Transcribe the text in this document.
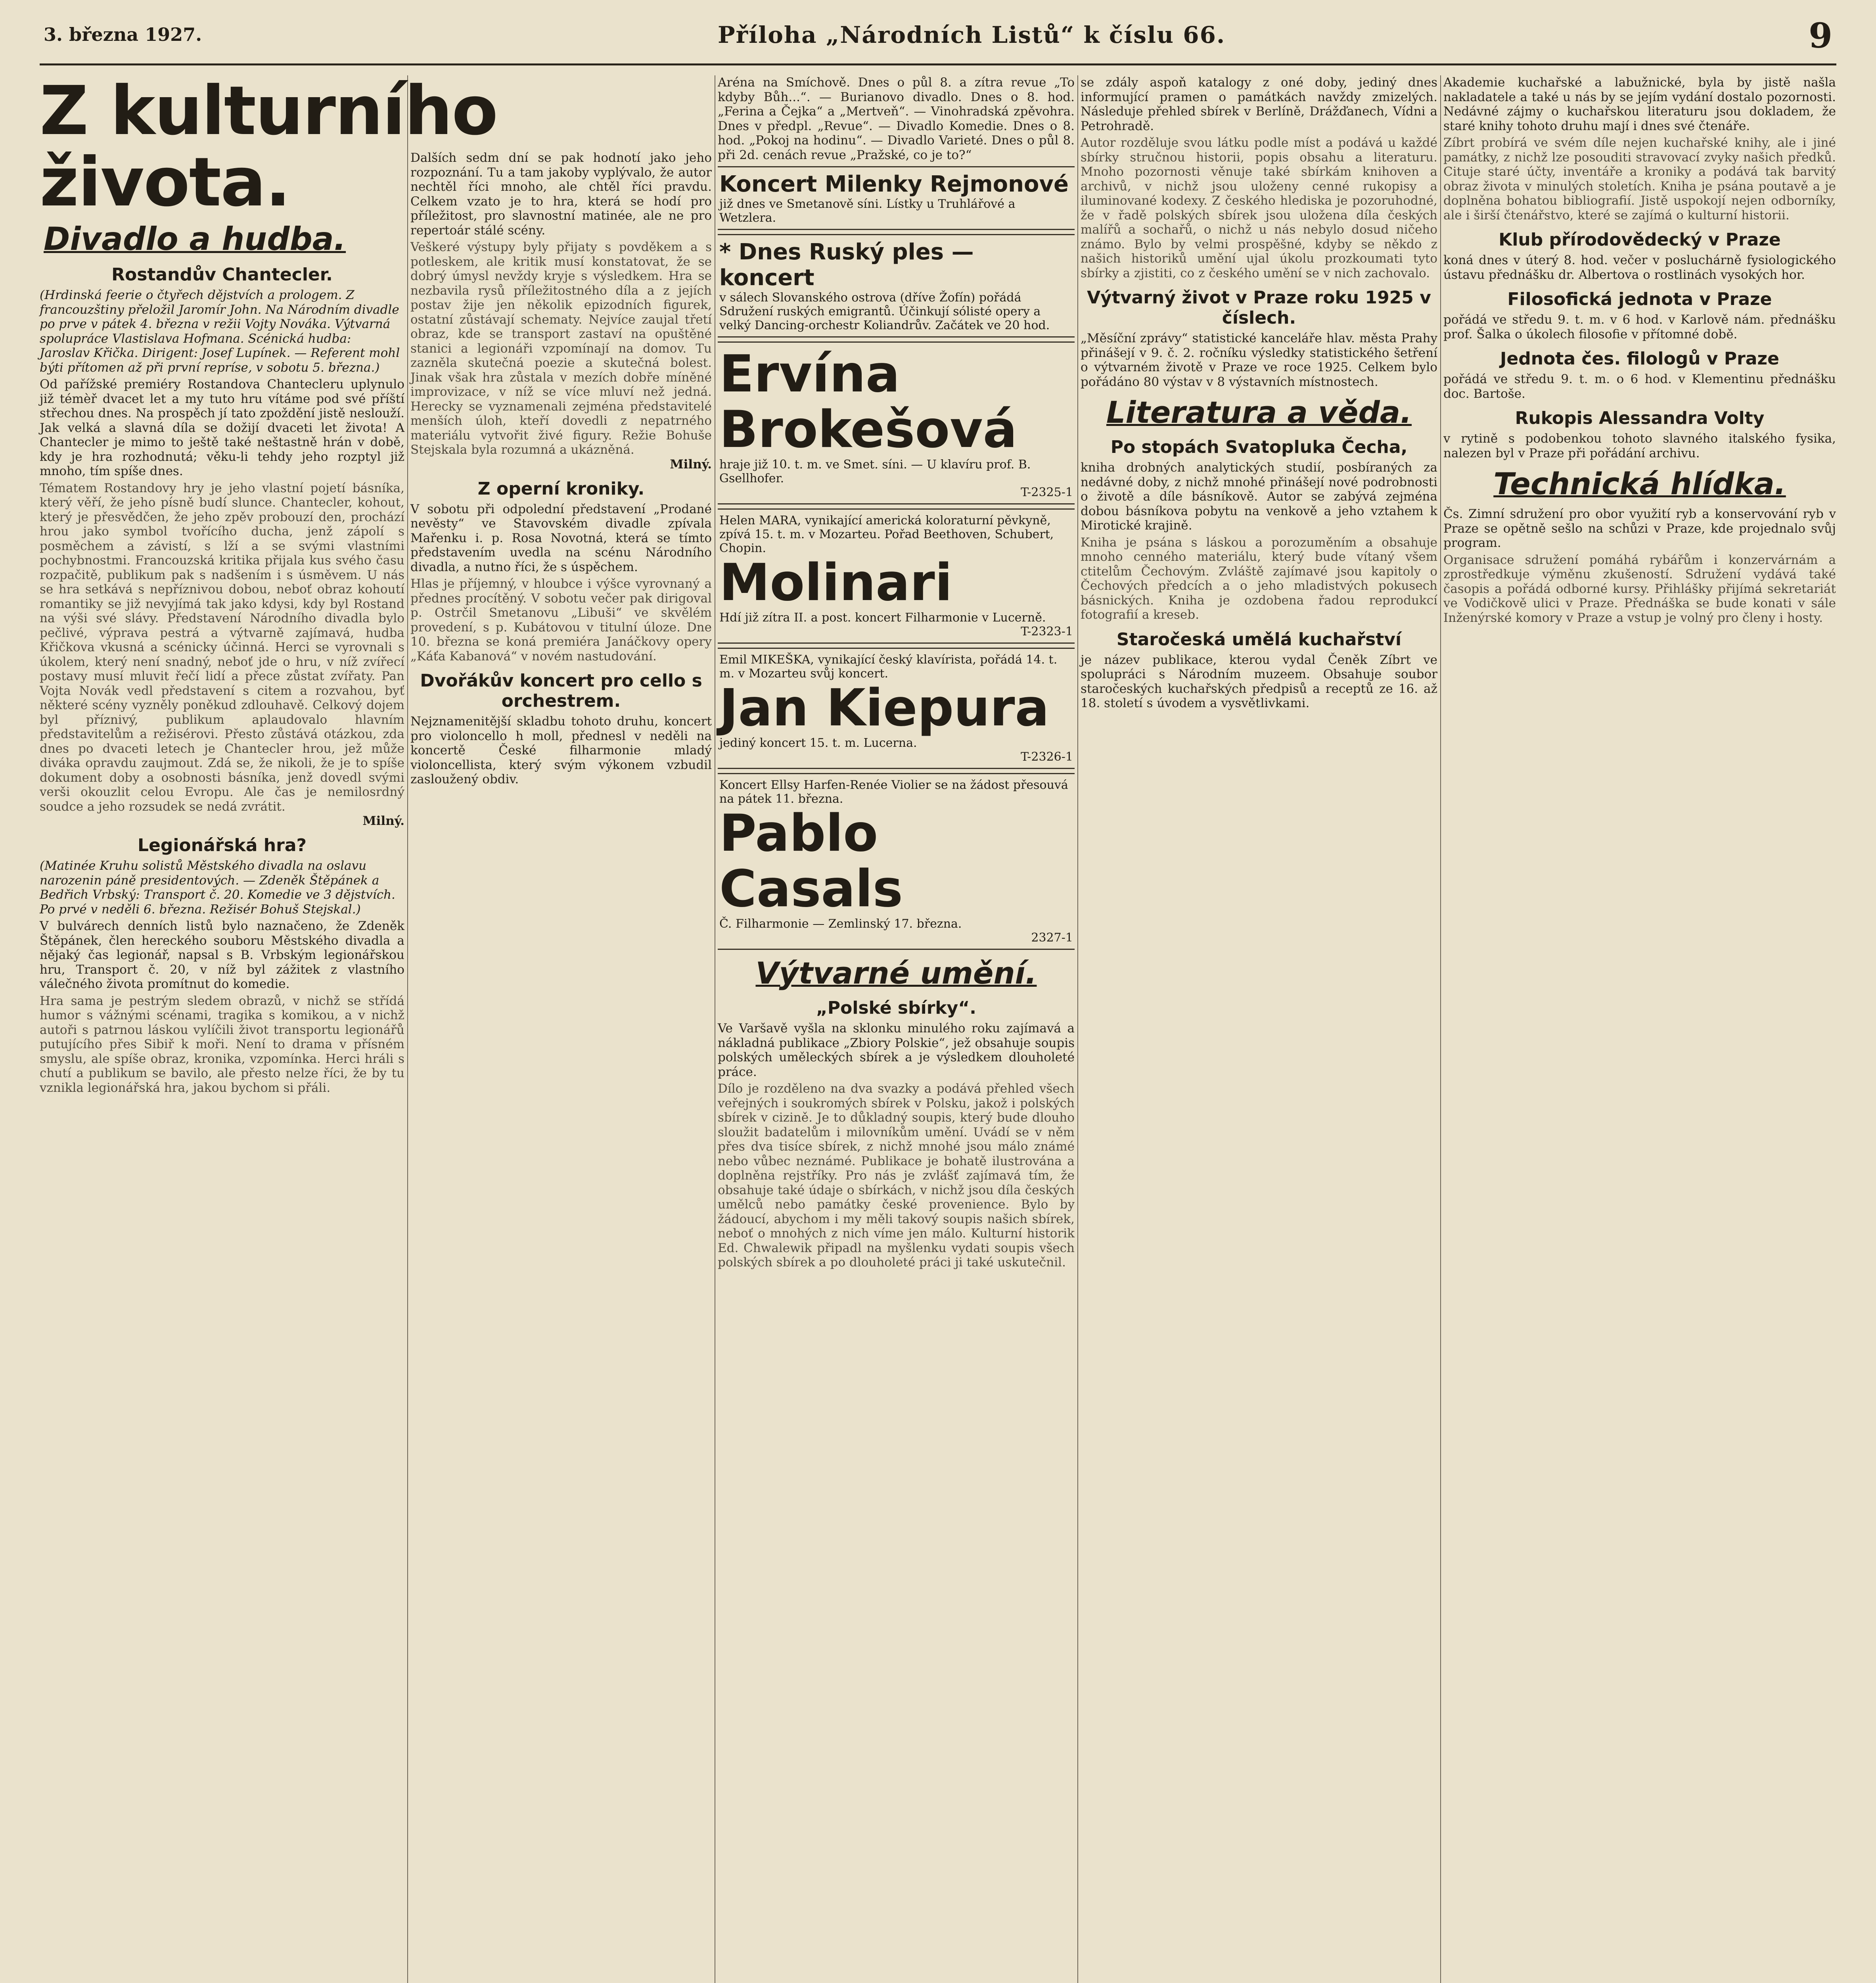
3. března 1927.	Příloha „Národních Listů“ k číslu 66.	9
Z kulturního života.
Divadlo a hudba.
Rostandův Chantecler.

(Hrdinská feerie o čtyřech dějstvích a prologem. Z francouzštiny přeložil Jaromír John. Na Národním divadle po prve v pátek 4. března v režii Vojty Nováka. Výtvarná spolupráce Vlastislava Hofmana. Scénická hudba: Jaroslav Křička. Dirigent: Josef Lupínek. — Referent mohl býti přítomen až při první repríse, v sobotu 5. března.)

Od pařížské premiéry Rostandova Chantecleru uplynulo již témèř dvacet let a my tuto hru vítáme pod své příští střechou dnes. Na prospěch jí tato zpoždění jistě neslouží. Jak velká a slavná díla se dožijí dvaceti let života! A Chantecler je mimo to ještě také neštastně hrán v době, kdy je hra rozhodnutá; věku-li tehdy jeho rozptyl již mnoho, tím spíše dnes.

Tématem Rostandovy hry je jeho vlastní pojetí básníka, který věří, že jeho písně budí slunce. Chantecler, kohout, který je přesvědčen, že jeho zpěv probouzí den, prochází hrou jako symbol tvořícího ducha, jenž zápolí s posměchem a závistí, s lží a se svými vlastními pochybnostmi. Francouzská kritika přijala kus svého času rozpačitě, publikum pak s nadšením i s úsměvem. U nás se hra setkává s nepříznivou dobou, neboť obraz kohoutí romantiky se již nevyjímá tak jako kdysi, kdy byl Rostand na výši své slávy. Představení Národního divadla bylo pečlivé, výprava pestrá a výtvarně zajímavá, hudba Křičkova vkusná a scénicky účinná. Herci se vyrovnali s úkolem, který není snadný, neboť jde o hru, v níž zvířecí postavy musí mluvit řečí lidí a přece zůstat zvířaty. Pan Vojta Novák vedl představení s citem a rozvahou, byť některé scény vyzněly poněkud zdlouhavě. Celkový dojem byl příznivý, publikum aplaudovalo hlavním představitelům a režisérovi. Přesto zůstává otázkou, zda dnes po dvaceti letech je Chantecler hrou, jež může diváka opravdu zaujmout. Zdá se, že nikoli, že je to spíše dokument doby a osobnosti básníka, jenž dovedl svými verši okouzlit celou Evropu. Ale čas je nemilosrdný soudce a jeho rozsudek se nedá zvrátit.

Milný.

Legionářská hra?

(Matinée Kruhu solistů Městského divadla na oslavu narozenin páně presidentových. — Zdeněk Štěpánek a Bedřich Vrbský: Transport č. 20. Komedie ve 3 dějstvích. Po prvé v neděli 6. března. Režisér Bohuš Stejskal.)

V bulvárech denních listů bylo naznačeno, že Zdeněk Štěpánek, člen hereckého souboru Městského divadla a nějaký čas legionář, napsal s B. Vrbským legionářskou hru, Transport č. 20, v níž byl zážitek z vlastního válečného života promítnut do komedie.

Hra sama je pestrým sledem obrazů, v nichž se střídá humor s vážnými scénami, tragika s komikou, a v nichž autoři s patrnou láskou vylíčili život transportu legionářů putujícího přes Sibiř k moři. Není to drama v přísném smyslu, ale spíše obraz, kronika, vzpomínka. Herci hráli s chutí a publikum se bavilo, ale přesto nelze říci, že by tu vznikla legionářská hra, jakou bychom si přáli.

Dalších sedm dní se pak hodnotí jako jeho rozpoznání. Tu a tam jakoby vyplývalo, že autor nechtěl říci mnoho, ale chtěl říci pravdu. Celkem vzato je to hra, která se hodí pro příležitost, pro slavnostní matinée, ale ne pro repertoár stálé scény.

Veškeré výstupy byly přijaty s povděkem a s potleskem, ale kritik musí konstatovat, že se dobrý úmysl nevždy kryje s výsledkem. Hra se nezbavila rysů příležitostného díla a z jejích postav žije jen několik epizodních figurek, ostatní zůstávají schematy. Nejvíce zaujal třetí obraz, kde se transport zastaví na opuštěné stanici a legionáři vzpomínají na domov. Tu zazněla skutečná poezie a skutečná bolest. Jinak však hra zůstala v mezích dobře míněné improvizace, v níž se více mluví než jedná. Herecky se vyznamenali zejména představitelé menších úloh, kteří dovedli z nepatrného materiálu vytvořit živé figury. Režie Bohuše Stejskala byla rozumná a ukázněná.

Milný.

Z operní kroniky.

V sobotu při odpolední představení „Prodané nevěsty“ ve Stavovském divadle zpívala Mařenku i. p. Rosa Novotná, která se tímto představením uvedla na scénu Národního divadla, a nutno říci, že s úspěchem.

Hlas je příjemný, v hloubce i výšce vyrovnaný a přednes procítěný. V sobotu večer pak dirigoval p. Ostrčil Smetanovu „Libuši“ ve skvělém provedení, s p. Kubátovou v titulní úloze. Dne 10. března se koná premiéra Janáčkovy opery „Káťa Kabanová“ v novém nastudování.

Dvořákův koncert pro cello s orchestrem.

Nejznamenitější skladbu tohoto druhu, koncert pro violoncello h moll, přednesl v neděli na koncertě České filharmonie mladý violoncellista, který svým výkonem vzbudil zasloužený obdiv.

Aréna na Smíchově. Dnes o půl 8. a zítra revue „To kdyby Bůh...“. — Burianovo divadlo. Dnes o 8. hod. „Ferina a Čejka“ a „Mertveň“. — Vinohradská zpěvohra. Dnes v předpl. „Revue“. — Divadlo Komedie. Dnes o 8. hod. „Pokoj na hodinu“. — Divadlo Varieté. Dnes o půl 8. při 2d. cenách revue „Pražské, co je to?“

Koncert Milenky Rejmonové
již dnes ve Smetanově síni. Lístky u Truhlářové a Wetzlera.
* Dnes Ruský ples — koncert
v sálech Slovanského ostrova (dříve Žofín) pořádá Sdružení ruských emigrantů. Účinkují sólisté opery a velký Dancing-orchestr Koliandrův. Začátek ve 20 hod.
Ervína Brokešová
hraje již 10. t. m. ve Smet. síni. — U klavíru prof. B. Gsellhofer.
T-2325-1
Helen MARA, vynikající americká koloraturní pěvkyně, zpívá 15. t. m. v Mozarteu. Pořad Beethoven, Schubert, Chopin.
Molinari
Hdí již zítra II. a post. koncert Filharmonie v Lucerně.
T-2323-1
Emil MIKEŠKA, vynikající český klavírista, pořádá 14. t. m. v Mozarteu svůj koncert.
Jan Kiepura
jediný koncert 15. t. m. Lucerna.
T-2326-1
Koncert Ellsy Harfen-Renée Violier se na žádost přesouvá na pátek 11. března.
Pablo Casals
Č. Filharmonie — Zemlinský 17. března.
2327-1
Výtvarné umění.
„Polské sbírky“.

Ve Varšavě vyšla na sklonku minulého roku zajímavá a nákladná publikace „Zbiory Polskie“, jež obsahuje soupis polských uměleckých sbírek a je výsledkem dlouholeté práce.

Dílo je rozděleno na dva svazky a podává přehled všech veřejných i soukromých sbírek v Polsku, jakož i polských sbírek v cizině. Je to důkladný soupis, který bude dlouho sloužit badatelům i milovníkům umění. Uvádí se v něm přes dva tisíce sbírek, z nichž mnohé jsou málo známé nebo vůbec neznámé. Publikace je bohatě ilustrována a doplněna rejstříky. Pro nás je zvlášť zajímavá tím, že obsahuje také údaje o sbírkách, v nichž jsou díla českých umělců nebo památky české provenience. Bylo by žádoucí, abychom i my měli takový soupis našich sbírek, neboť o mnohých z nich víme jen málo. Kulturní historik Ed. Chwalewik připadl na myšlenku vydati soupis všech polských sbírek a po dlouholeté práci ji také uskutečnil.

se zdály aspoň katalogy z oné doby, jediný dnes informující pramen o památkách navždy zmizelých. Následuje přehled sbírek v Berlíně, Drážďanech, Vídni a Petrohradě.

Autor rozděluje svou látku podle míst a podává u každé sbírky stručnou historii, popis obsahu a literaturu. Mnoho pozornosti věnuje také sbírkám knihoven a archivů, v nichž jsou uloženy cenné rukopisy a iluminované kodexy. Z českého hlediska je pozoruhodné, že v řadě polských sbírek jsou uložena díla českých malířů a sochařů, o nichž u nás nebylo dosud ničeho známo. Bylo by velmi prospěšné, kdyby se někdo z našich historiků umění ujal úkolu prozkoumati tyto sbírky a zjistiti, co z českého umění se v nich zachovalo.

Výtvarný život v Praze roku 1925 v číslech.

„Měsíční zprávy“ statistické kanceláře hlav. města Prahy přinášejí v 9. č. 2. ročníku výsledky statistického šetření o výtvarném životě v Praze ve roce 1925. Celkem bylo pořádáno 80 výstav v 8 výstavních místnostech.

Literatura a věda.
Po stopách Svatopluka Čecha,

kniha drobných analytických studií, posbíraných za nedávné doby, z nichž mnohé přinášejí nové podrobnosti o životě a díle básníkově. Autor se zabývá zejména dobou básníkova pobytu na venkově a jeho vztahem k Mirotické krajině.

Kniha je psána s láskou a porozuměním a obsahuje mnoho cenného materiálu, který bude vítaný všem ctitelům Čechovým. Zvláště zajímavé jsou kapitoly o Čechových předcích a o jeho mladistvých pokusech básnických. Kniha je ozdobena řadou reprodukcí fotografií a kreseb.

Staročeská umělá kuchařství

je název publikace, kterou vydal Čeněk Zíbrt ve spolupráci s Národním muzeem. Obsahuje soubor staročeských kuchařských předpisů a receptů ze 16. až 18. století s úvodem a vysvětlivkami.

Akademie kuchařské a labužnické, byla by jistě našla nakladatele a také u nás by se jejím vydání dostalo pozornosti. Nedávné zájmy o kuchařskou literaturu jsou dokladem, že staré knihy tohoto druhu mají i dnes své čtenáře.

Zíbrt probírá ve svém díle nejen kuchařské knihy, ale i jiné památky, z nichž lze posouditi stravovací zvyky našich předků. Cituje staré účty, inventáře a kroniky a podává tak barvitý obraz života v minulých stoletích. Kniha je psána poutavě a je doplněna bohatou bibliografií. Jistě uspokojí nejen odborníky, ale i širší čtenářstvo, které se zajímá o kulturní historii.

Klub přírodovědecký v Praze

koná dnes v úterý 8. hod. večer v posluchárně fysiologického ústavu přednášku dr. Albertova o rostlinách vysokých hor.

Filosofická jednota v Praze

pořádá ve středu 9. t. m. v 6 hod. v Karlově nám. přednášku prof. Šalka o úkolech filosofie v přítomné době.

Jednota čes. filologů v Praze

pořádá ve středu 9. t. m. o 6 hod. v Klementinu přednášku doc. Bartoše.

Rukopis Alessandra Volty

v rytině s podobenkou tohoto slavného italského fysika, nalezen byl v Praze při pořádání archivu.

Technická hlídka.

Čs. Zimní sdružení pro obor využití ryb a konservování ryb v Praze se opětně sešlo na schůzi v Praze, kde projednalo svůj program.

Organisace sdružení pomáhá rybářům i konzervárnám a zprostředkuje výměnu zkušeností. Sdružení vydává také časopis a pořádá odborné kursy. Přihlášky přijímá sekretariát ve Vodičkově ulici v Praze. Přednáška se bude konati v sále Inženýrské komory v Praze a vstup je volný pro členy i hosty.
